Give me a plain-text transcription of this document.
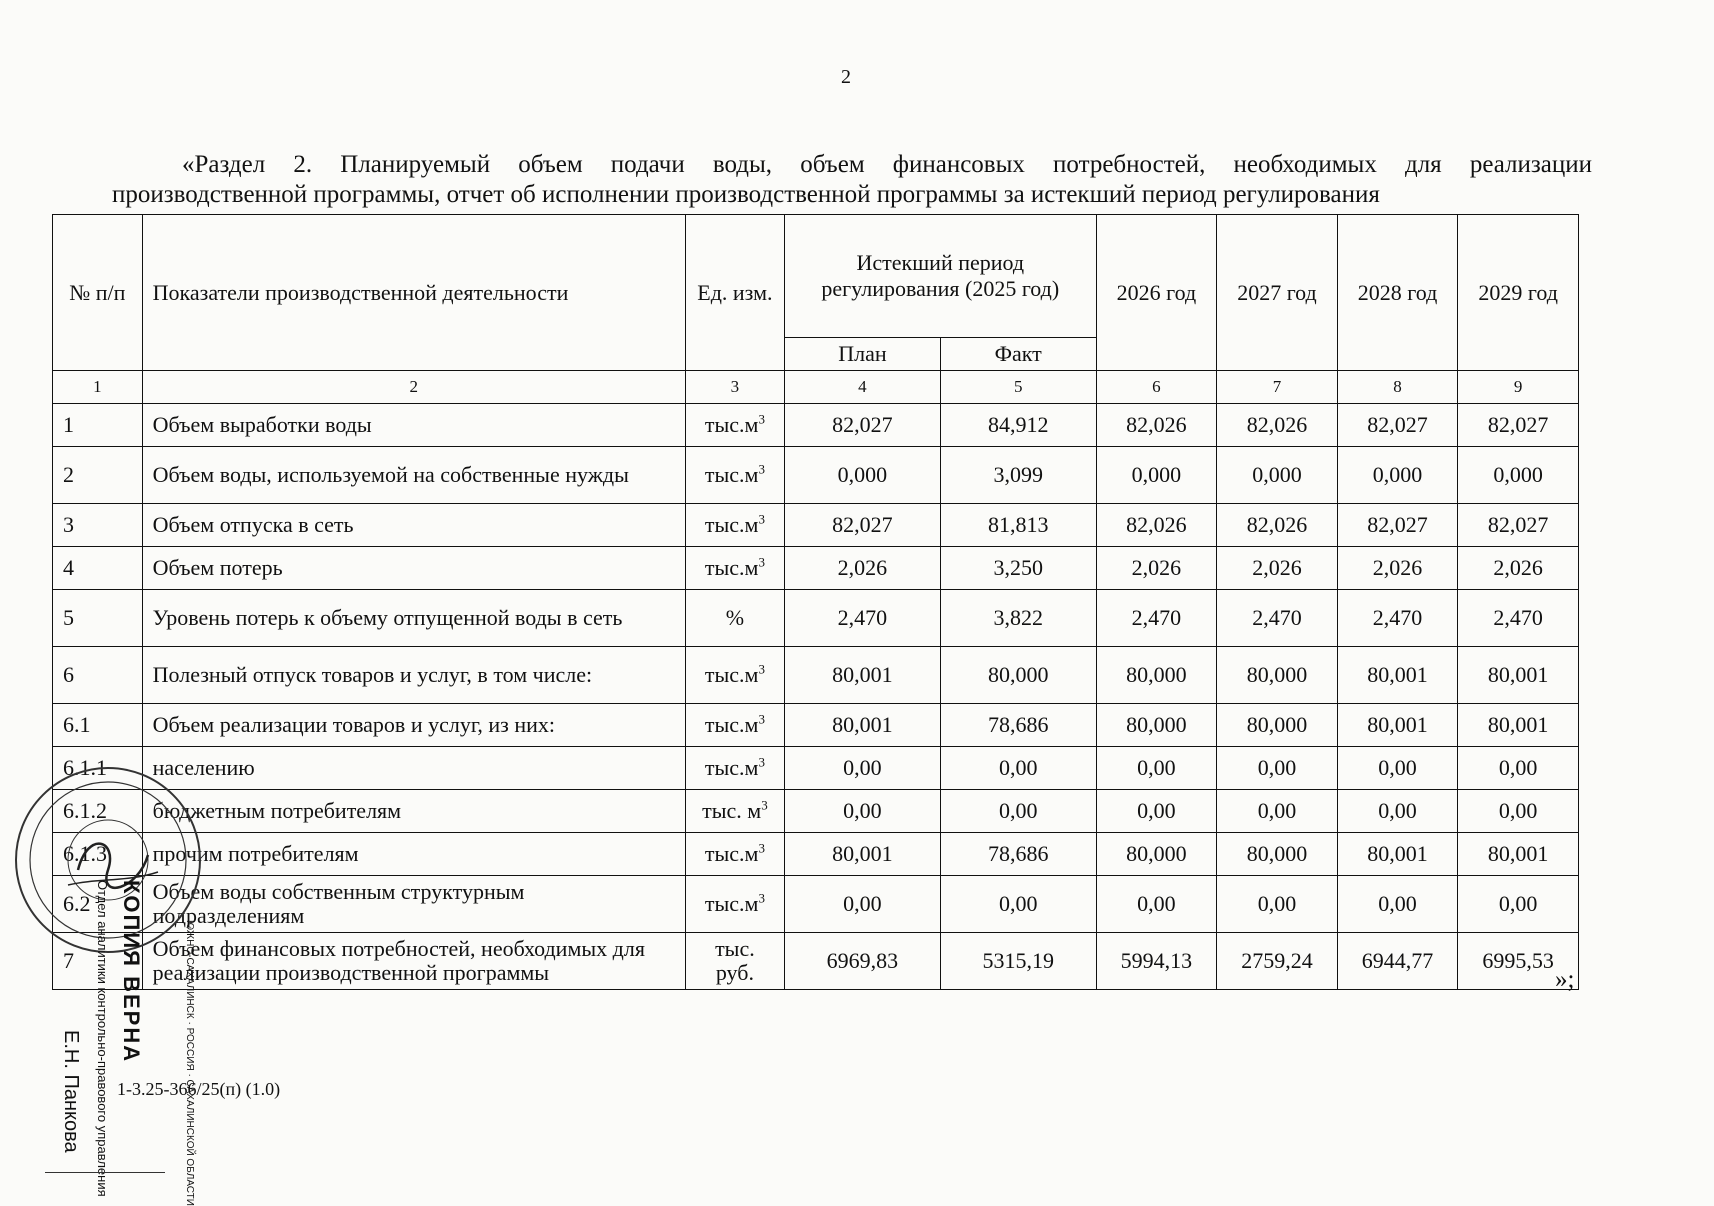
2
«Раздел 2. Планируемый объем подачи воды, объем финансовых потребностей, необходимых для реализации
производственной программы, отчет об исполнении производственной программы за истекший период регулирования
№ п/п	Показатели производственной деятельности	Ед. изм.	Истекший период регулирования (2025 год)		2026 год	2027 год	2028 год	2029 год
			План	Факт				
1	2	3	4	5	6	7	8	9
1	Объем выработки воды	$тыс.м^3$	82,027	84,912	82,026	82,026	82,027	82,027
2	Объем воды, используемой на собственные нужды	$тыс.м^3$	0,000	3,099	0,000	0,000	0,000	0,000
3	Объем отпуска в сеть	$тыс.м^3$	82,027	81,813	82,026	82,026	82,027	82,027
4	Объем потерь	$тыс.м^3$	2,026	3,250	2,026	2,026	2,026	2,026
5	Уровень потерь к объему отпущенной воды в сеть	%	2,470	3,822	2,470	2,470	2,470	2,470
6	Полезный отпуск товаров и услуг, в том числе:	$тыс.м^3$	80,001	80,000	80,000	80,000	80,001	80,001
6.1	Объем реализации товаров и услуг, из них:	$тыс.м^3$	80,001	78,686	80,000	80,000	80,001	80,001
6.1.1	населению	$тыс.м^3$	0,00	0,00	0,00	0,00	0,00	0,00
6.1.2	бюджетным потребителям	тыс. $м^3$	0,00	0,00	0,00	0,00	0,00	0,00
6.1.3	прочим потребителям	$тыс.м^3$	80,001	78,686	80,000	80,000	80,001	80,001
6.2	Объем воды собственным структурным подразделениям	$тыс.м^3$	0,00	0,00	0,00	0,00	0,00	0,00
7	Объем финансовых потребностей, необходимых для реализации производственной программы	тыс. руб.	6969,83	5315,19	5994,13	2759,24	6944,77	6995,53
»;
1-3.25-366/25(п) (1.0)
КОПИЯ ВЕРНА
Отдел аналитики контрольно-правового управления
Е.Н. Панкова	ЮЖНО-САХАЛИНСК · РОССИЯ · САХАЛИНСКОЙ ОБЛАСТИ
